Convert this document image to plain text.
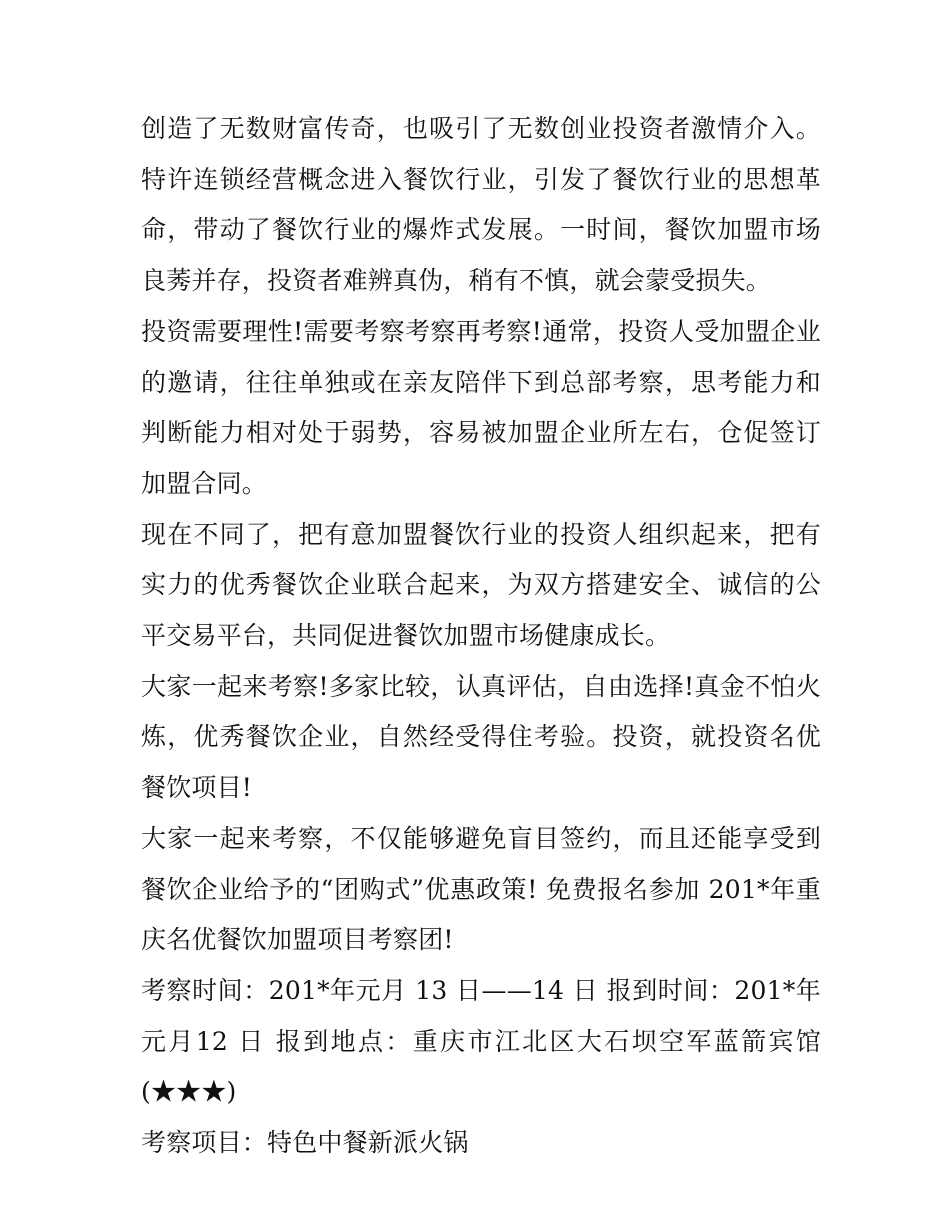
创造了无数财富传奇，也吸引了无数创业投资者激情介入。特许连锁经营概念进入餐饮行业，引发了餐饮行业的思想革命，带动了餐饮行业的爆炸式发展。一时间，餐饮加盟市场良莠并存，投资者难辨真伪，稍有不慎，就会蒙受损失。

投资需要理性!需要考察考察再考察!通常，投资人受加盟企业的邀请，往往单独或在亲友陪伴下到总部考察，思考能力和判断能力相对处于弱势，容易被加盟企业所左右，仓促签订加盟合同。

现在不同了，把有意加盟餐饮行业的投资人组织起来，把有实力的优秀餐饮企业联合起来，为双方搭建安全、诚信的公平交易平台，共同促进餐饮加盟市场健康成长。

大家一起来考察!多家比较，认真评估，自由选择!真金不怕火炼，优秀餐饮企业，自然经受得住考验。投资，就投资名优餐饮项目!

大家一起来考察，不仅能够避免盲目签约，而且还能享受到餐饮企业给予的“团购式”优惠政策! 免费报名参加 201*年重庆名优餐饮加盟项目考察团!

考察时间：201*年元月 13 日——14 日 报到时间：201*年元月12 日 报到地点：重庆市江北区大石坝空军蓝箭宾馆(★★★)

考察项目：特色中餐新派火锅
